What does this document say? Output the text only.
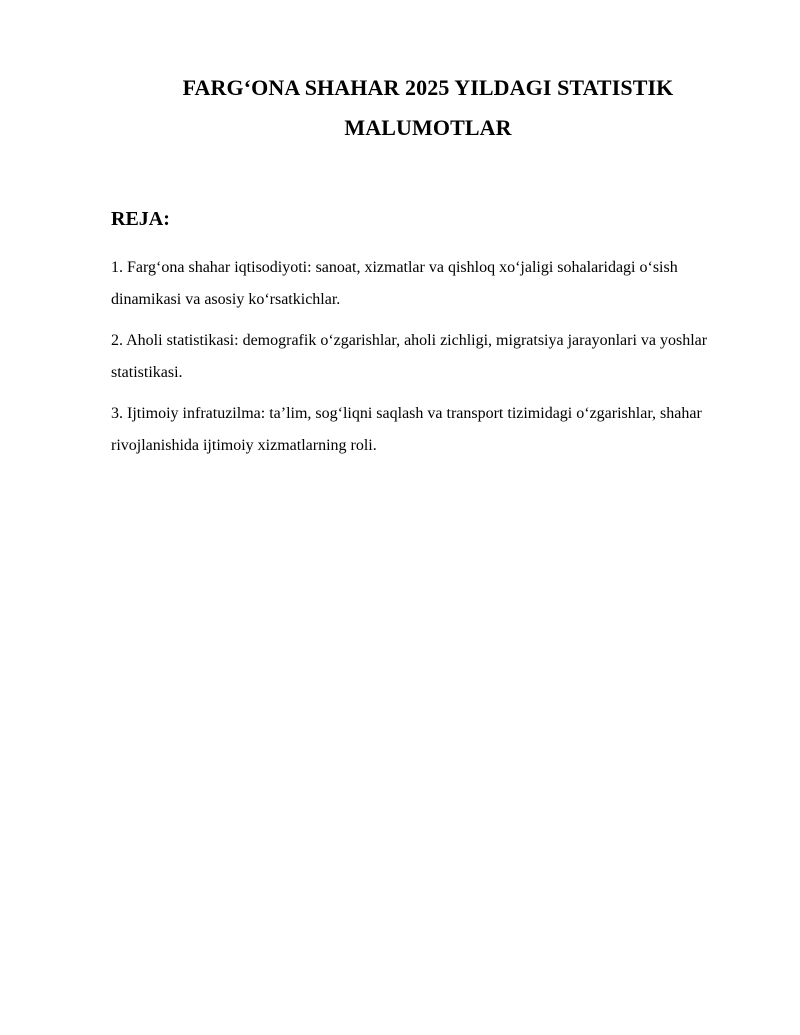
FARG‘ONA SHAHAR 2025 YILDAGI STATISTIK
MALUMOTLAR
REJA:
1. Farg‘ona shahar iqtisodiyoti: sanoat, xizmatlar va qishloq xo‘jaligi sohalaridagi o‘sish dinamikasi va asosiy ko‘rsatkichlar.
2. Aholi statistikasi: demografik o‘zgarishlar, aholi zichligi, migratsiya jarayonlari va yoshlar statistikasi.
3. Ijtimoiy infratuzilma: ta’lim, sog‘liqni saqlash va transport tizimidagi o‘zgarishlar, shahar rivojlanishida ijtimoiy xizmatlarning roli.
